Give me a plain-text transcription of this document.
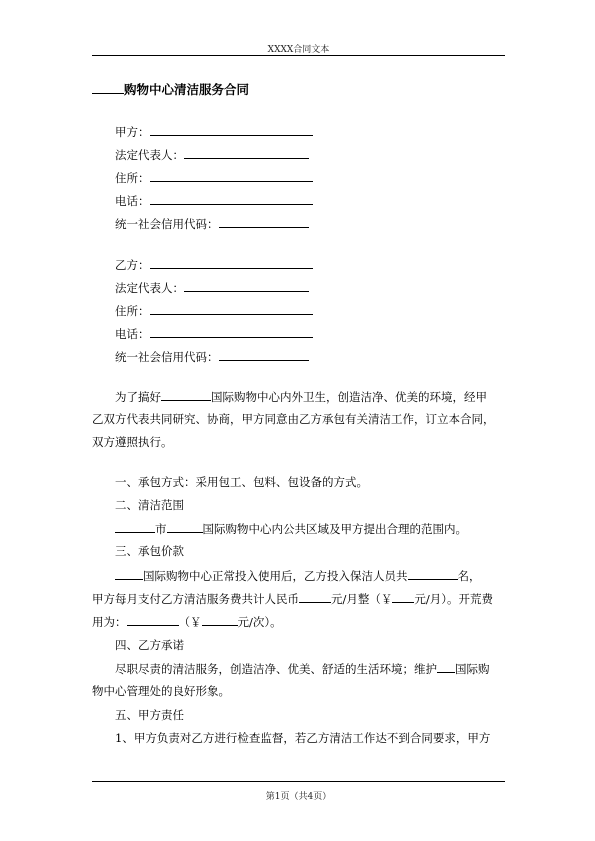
XXXX合同文本
购物中心清洁服务合同
甲方：
法定代表人：
住所：
电话：
统一社会信用代码：
乙方：
法定代表人：
住所：
电话：
统一社会信用代码：
为了搞好	国际购物中心内外卫生，创造洁净、优美的环境，经甲
乙双方代表共同研究、协商，甲方同意由乙方承包有关清洁工作，订立本合同，
双方遵照执行。
一、承包方式：采用包工、包料、包设备的方式。
二、清洁范围
市	国际购物中心内公共区域及甲方提出合理的范围内。
三、承包价款
国际购物中心正常投入使用后，乙方投入保洁人员共	名，
甲方每月支付乙方清洁服务费共计人民币	元/月整（￥ 元/月）。开荒费
用为：	（￥	元/次）。
四、乙方承诺
尽职尽责的清洁服务，创造洁净、优美、舒适的生活环境；维护 国际购
物中心管理处的良好形象。
五、甲方责任
1、甲方负责对乙方进行检查监督，若乙方清洁工作达不到合同要求，甲方
第1页（共4页）
